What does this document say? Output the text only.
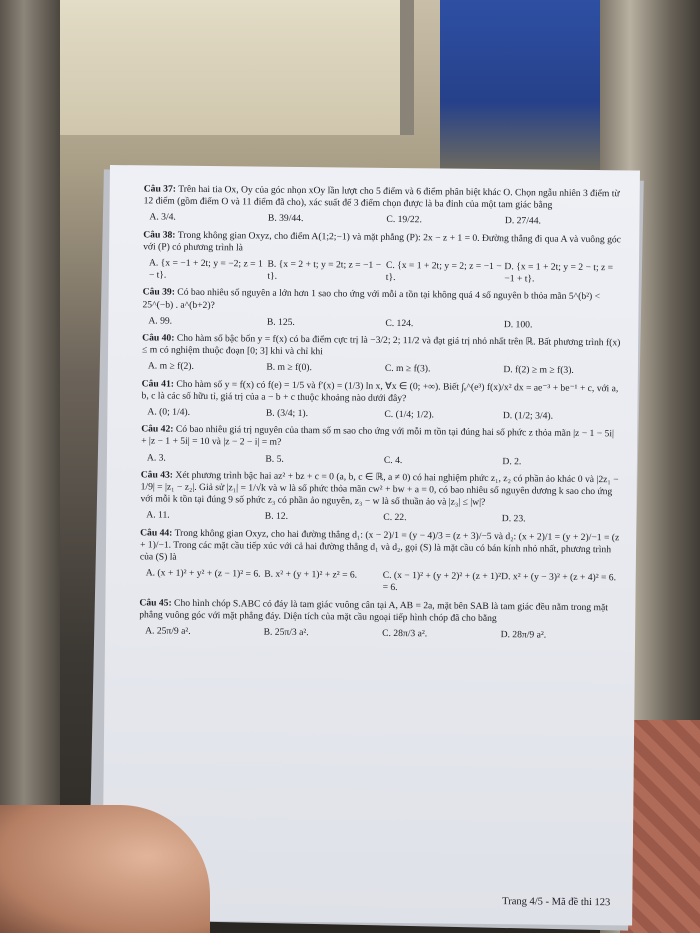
Câu 37: Trên hai tia Ox, Oy của góc nhọn xOy lần lượt cho 5 điểm và 6 điểm phân biệt khác O. Chọn ngẫu nhiên 3 điểm từ 12 điểm (gồm điểm O và 11 điểm đã cho), xác suất để 3 điểm chọn được là ba đỉnh của một tam giác bằng
A. 3/4.	B. 39/44.	C. 19/22.	D. 27/44.
Câu 38: Trong không gian Oxyz, cho điểm A(1;2;−1) và mặt phẳng (P): 2x − z + 1 = 0. Đường thẳng đi qua A và vuông góc với (P) có phương trình là
A. {x = −1 + 2t; y = −2; z = 1 − t}.
B. {x = 2 + t; y = 2t; z = −1 − t}.
C. {x = 1 + 2t; y = 2; z = −1 − t}.
D. {x = 1 + 2t; y = 2 − t; z = −1 + t}.
Câu 39: Có bao nhiêu số nguyên a lớn hơn 1 sao cho ứng với mỗi a tồn tại không quá 4 số nguyên b thỏa mãn 5^(b²) < 25^(−b) . a^(b+2)?
A. 99.	B. 125.	C. 124.	D. 100.
Câu 40: Cho hàm số bậc bốn y = f(x) có ba điểm cực trị là −3/2; 2; 11/2 và đạt giá trị nhỏ nhất trên ℝ. Bất phương trình f(x) ≤ m có nghiệm thuộc đoạn [0; 3] khi và chỉ khi
A. m ≥ f(2).	B. m ≥ f(0).	C. m ≥ f(3).	D. f(2) ≥ m ≥ f(3).
Câu 41: Cho hàm số y = f(x) có f(e) = 1/5 và f′(x) = (1/3) ln x, ∀x ∈ (0; +∞). Biết ∫ₑ^(e³) f(x)/x² dx = ae⁻³ + be⁻¹ + c, với a, b, c là các số hữu tỉ, giá trị của a − b + c thuộc khoảng nào dưới đây?
A. (0; 1/4).	B. (3/4; 1).	C. (1/4; 1/2).	D. (1/2; 3/4).
Câu 42: Có bao nhiêu giá trị nguyên của tham số m sao cho ứng với mỗi m tồn tại đúng hai số phức z thỏa mãn |z − 1 − 5i| + |z − 1 + 5i| = 10 và |z − 2 − i| = m?
A. 3.	B. 5.	C. 4.	D. 2.
Câu 43: Xét phương trình bậc hai az² + bz + c = 0 (a, b, c ∈ ℝ, a ≠ 0) có hai nghiệm phức z₁, z₂ có phần ảo khác 0 và |2z₁ − 1/9| = |z₁ − z₂|. Giả sử |z₁| = 1/√k và w là số phức thỏa mãn cw² + bw + a = 0, có bao nhiêu số nguyên dương k sao cho ứng với mỗi k tồn tại đúng 9 số phức z₃ có phần ảo nguyên, z₃ − w là số thuần ảo và |z₃| ≤ |w|?
A. 11.	B. 12.	C. 22.	D. 23.
Câu 44: Trong không gian Oxyz, cho hai đường thẳng d₁: (x − 2)/1 = (y − 4)/3 = (z + 3)/−5 và d₂: (x + 2)/1 = (y + 2)/−1 = (z + 1)/−1. Trong các mặt cầu tiếp xúc với cả hai đường thẳng d₁ và d₂, gọi (S) là mặt cầu có bán kính nhỏ nhất, phương trình của (S) là
A. (x + 1)² + y² + (z − 1)² = 6. B. x² + (y + 1)² + z² = 6.	C. (x − 1)² + (y + 2)² + (z + 1)² = 6.
D. x² + (y − 3)² + (z + 4)² = 6.
Câu 45: Cho hình chóp S.ABC có đáy là tam giác vuông cân tại A, AB = 2a, mặt bên SAB là tam giác đều nằm trong mặt phẳng vuông góc với mặt phẳng đáy. Diện tích của mặt cầu ngoại tiếp hình chóp đã cho bằng
A. 25π/9 a².	B. 25π/3 a².	C. 28π/3 a².	D. 28π/9 a².
Trang 4/5 - Mã đề thi 123
